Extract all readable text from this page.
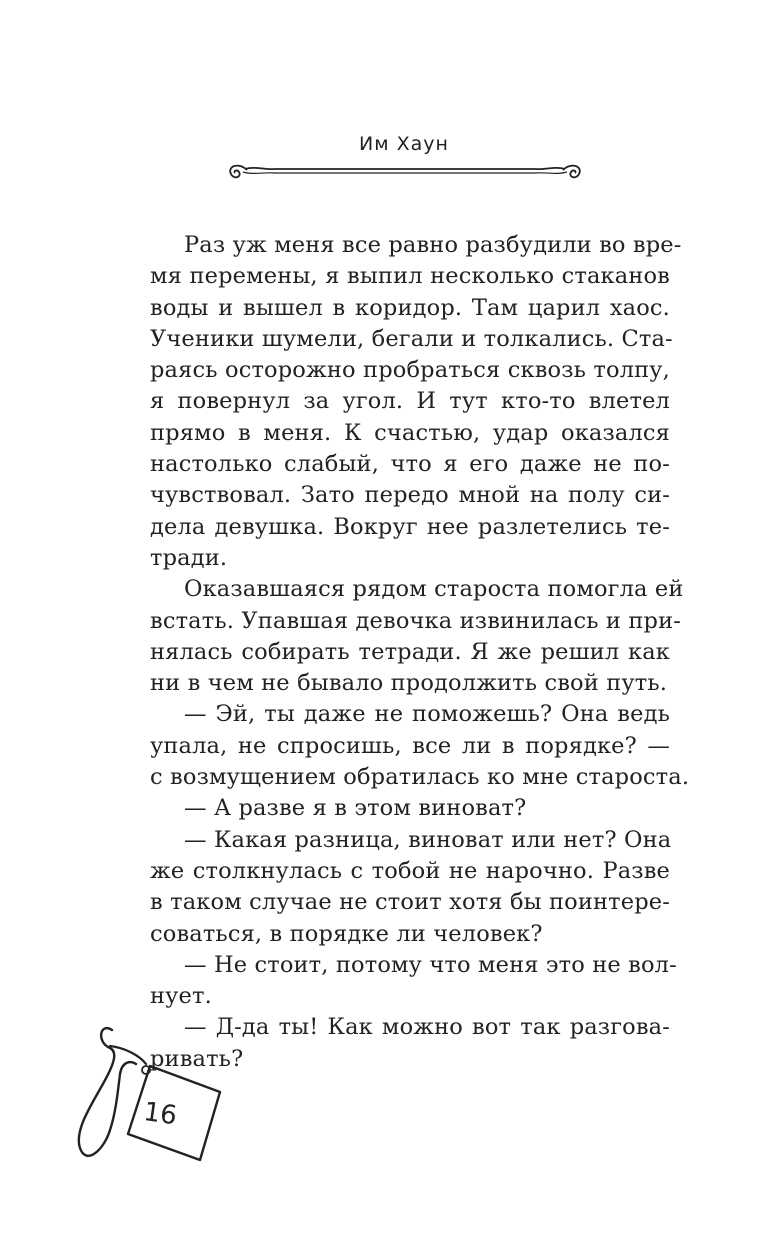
Им Хаун
Раз уж меня все равно разбудили во вре-
мя перемены, я выпил несколько стаканов
воды и вышел в коридор. Там царил хаос.
Ученики шумели, бегали и толкались. Ста-
раясь осторожно пробраться сквозь толпу,
я повернул за угол. И тут кто-то влетел
прямо в меня. К счастью, удар оказался
настолько слабый, что я его даже не по-
чувствовал. Зато передо мной на полу си-
дела девушка. Вокруг нее разлетелись те-
тради.
Оказавшаяся рядом староста помогла ей
встать. Упавшая девочка извинилась и при-
нялась собирать тетради. Я же решил как
ни в чем не бывало продолжить свой путь.
— Эй, ты даже не поможешь? Она ведь
упала, не спросишь, все ли в порядке? —
с возмущением обратилась ко мне староста.
— А разве я в этом виноват?
— Какая разница, виноват или нет? Она
же столкнулась с тобой не нарочно. Разве
в таком случае не стоит хотя бы поинтере-
соваться, в порядке ли человек?
— Не стоит, потому что меня это не вол-
нует.
— Д-да ты! Как можно вот так разгова-
ривать?
16
